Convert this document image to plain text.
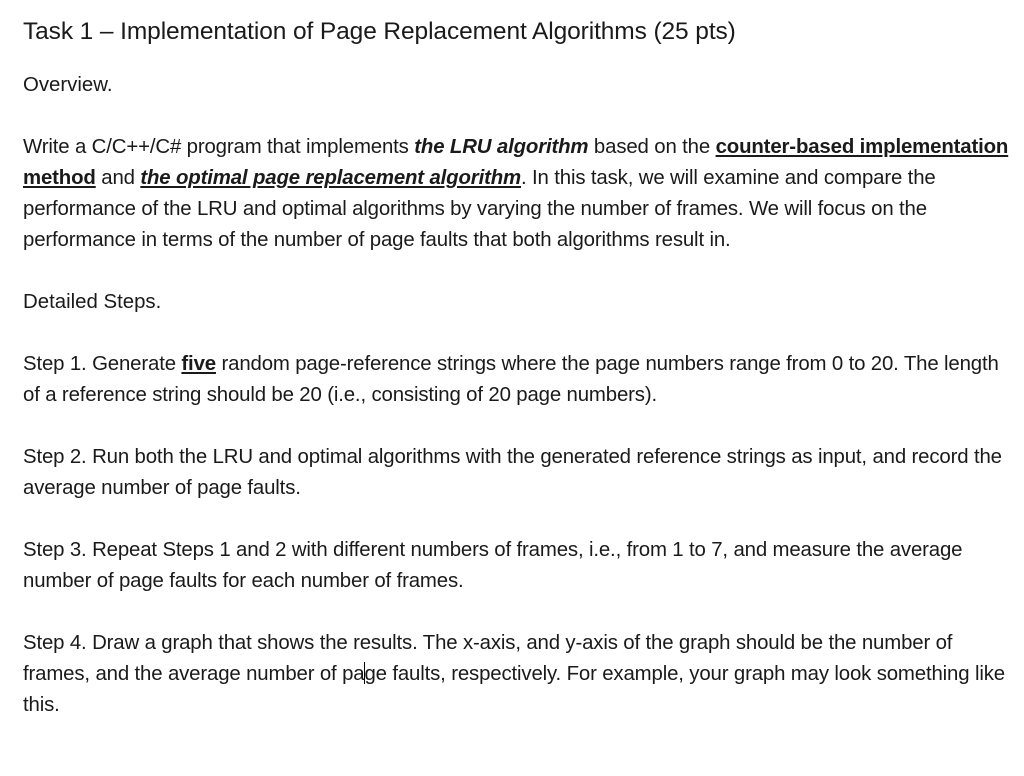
Task 1 – Implementation of Page Replacement Algorithms (25 pts)

Overview.

Write a C/C++/C# program that implements the LRU algorithm based on the counter-based implementation method and the optimal page replacement algorithm. In this task, we will examine and compare the performance of the LRU and optimal algorithms by varying the number of frames. We will focus on the performance in terms of the number of page faults that both algorithms result in.

Detailed Steps.

Step 1. Generate five random page-reference strings where the page numbers range from 0 to 20. The length of a reference string should be 20 (i.e., consisting of 20 page numbers).

Step 2. Run both the LRU and optimal algorithms with the generated reference strings as input, and record the average number of page faults.

Step 3. Repeat Steps 1 and 2 with different numbers of frames, i.e., from 1 to 7, and measure the average number of page faults for each number of frames.

Step 4. Draw a graph that shows the results. The x-axis, and y-axis of the graph should be the number of frames, and the average number of page faults, respectively. For example, your graph may look something like this.
